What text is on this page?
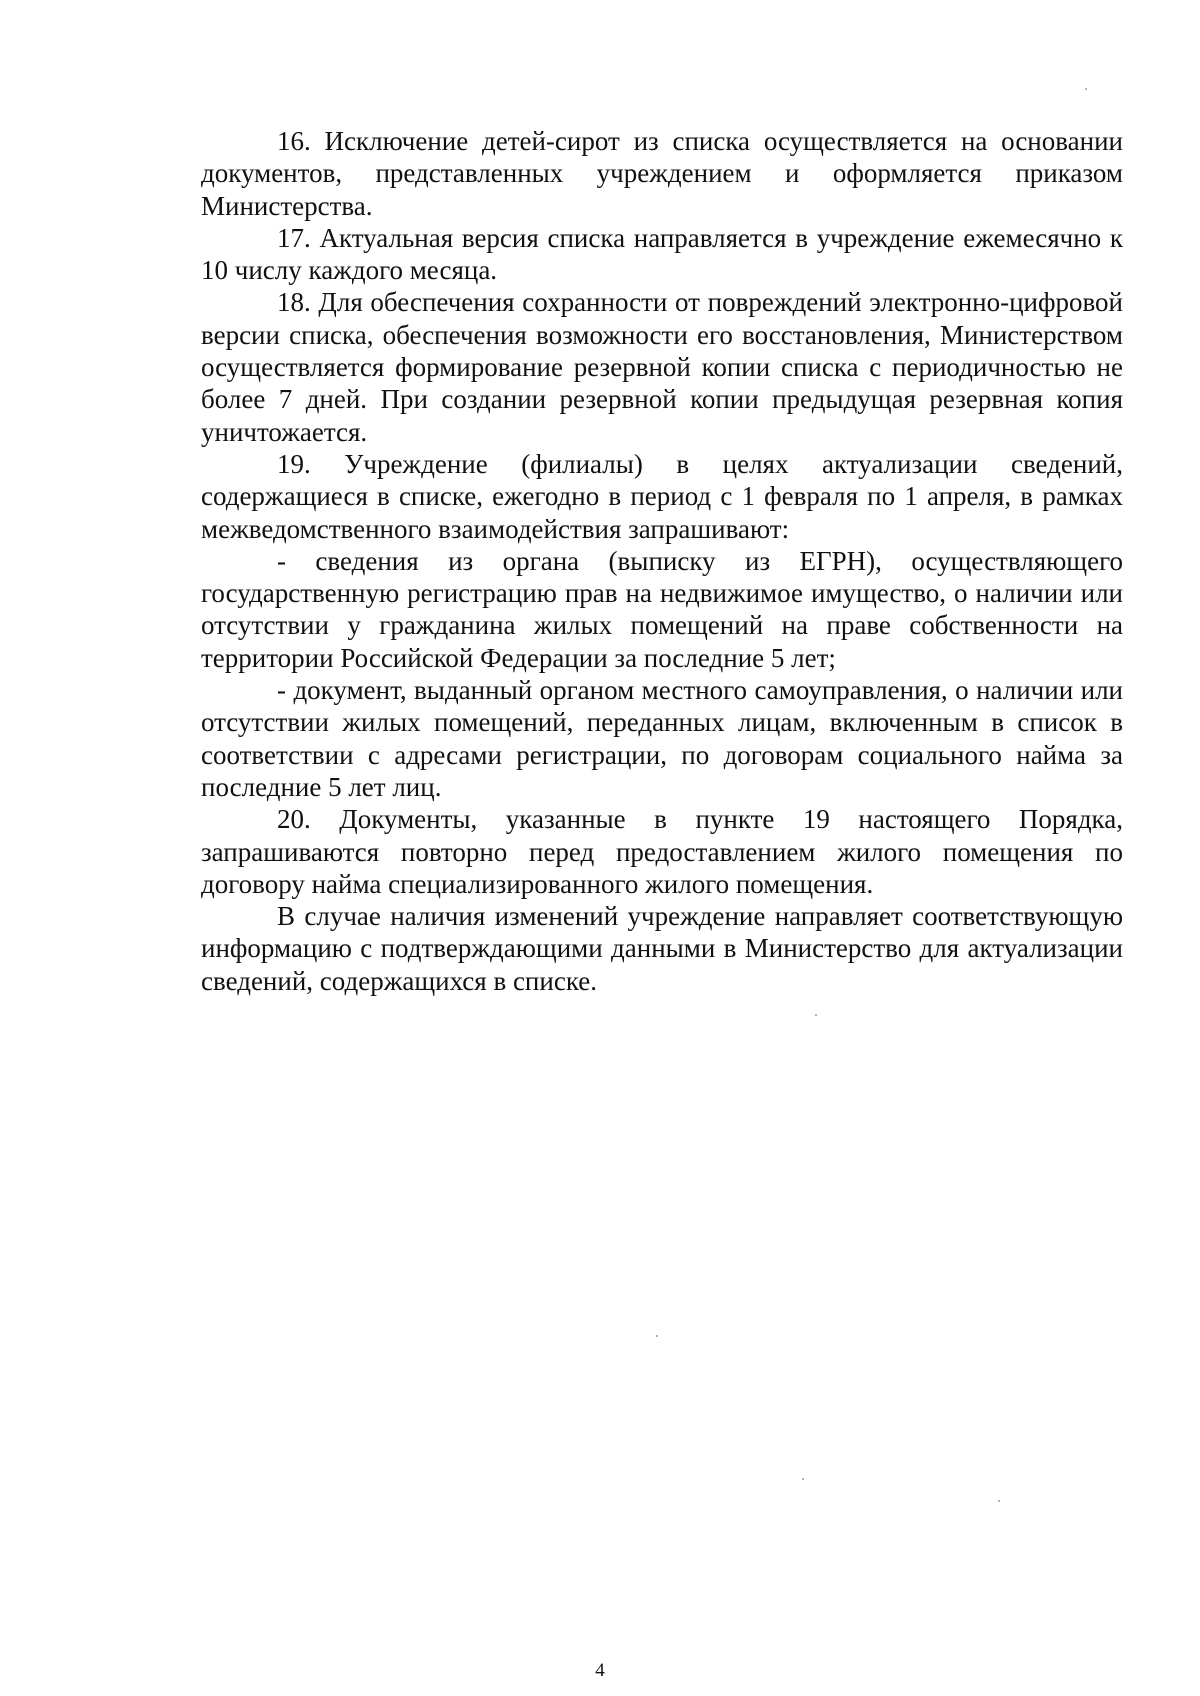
16. Исключение детей-сирот из списка осуществляется на основании документов, представленных учреждением и оформляется приказом Министерства.

17. Актуальная версия списка направляется в учреждение ежемесячно к 10 числу каждого месяца.

18. Для обеспечения сохранности от повреждений электронно-цифровой версии списка, обеспечения возможности его восстановления, Министерством осуществляется формирование резервной копии списка с периодичностью не более 7 дней. При создании резервной копии предыдущая резервная копия уничтожается.

19. Учреждение (филиалы) в целях актуализации сведений, содержащиеся в списке, ежегодно в период с 1 февраля по 1 апреля, в рамках межведомственного взаимодействия запрашивают:

- сведения из органа (выписку из ЕГРН), осуществляющего государственную регистрацию прав на недвижимое имущество, о наличии или отсутствии у гражданина жилых помещений на праве собственности на территории Российской Федерации за последние 5 лет;

- документ, выданный органом местного самоуправления, о наличии или отсутствии жилых помещений, переданных лицам, включенным в список в соответствии с адресами регистрации, по договорам социального найма за последние 5 лет лиц.

20. Документы, указанные в пункте 19 настоящего Порядка, запрашиваются повторно перед предоставлением жилого помещения по договору найма специализированного жилого помещения.

В случае наличия изменений учреждение направляет соответствующую информацию с подтверждающими данными в Министерство для актуализации сведений, содержащихся в списке.

4
